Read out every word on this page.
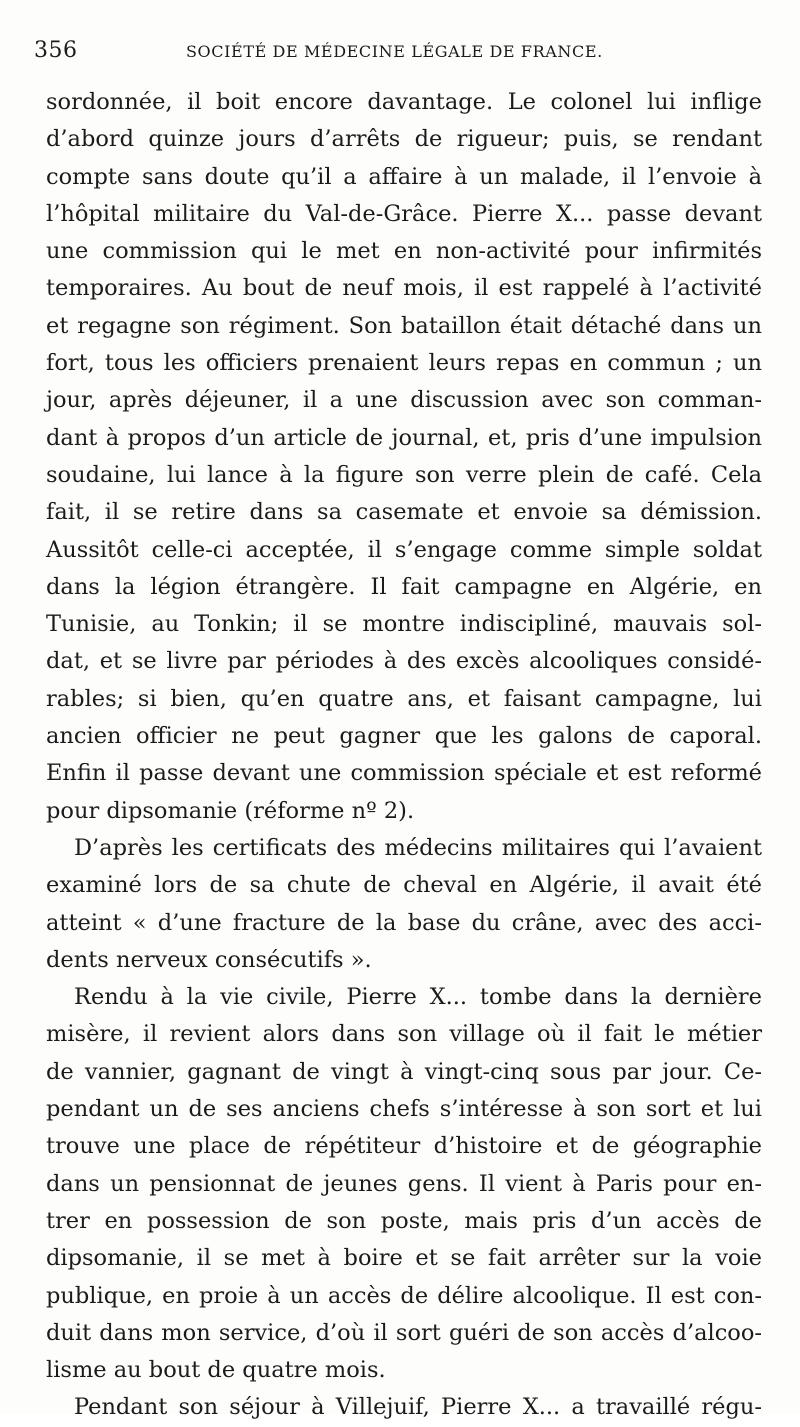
356	SOCIÉTÉ DE MÉDECINE LÉGALE DE FRANCE.
sordonnée, il boit encore davantage. Le colonel lui inflige
d’abord quinze jours d’arrêts de rigueur; puis, se rendant
compte sans doute qu’il a affaire à un malade, il l’envoie à
l’hôpital militaire du Val-de-Grâce. Pierre X... passe devant
une commission qui le met en non-activité pour infirmités
temporaires. Au bout de neuf mois, il est rappelé à l’activité
et regagne son régiment. Son bataillon était détaché dans un
fort, tous les officiers prenaient leurs repas en commun ; un
jour, après déjeuner, il a une discussion avec son comman-
dant à propos d’un article de journal, et, pris d’une impulsion
soudaine, lui lance à la figure son verre plein de café. Cela
fait, il se retire dans sa casemate et envoie sa démission.
Aussitôt celle-ci acceptée, il s’engage comme simple soldat
dans la légion étrangère. Il fait campagne en Algérie, en
Tunisie, au Tonkin; il se montre indiscipliné, mauvais sol-
dat, et se livre par périodes à des excès alcooliques considé-
rables; si bien, qu’en quatre ans, et faisant campagne, lui
ancien officier ne peut gagner que les galons de caporal.
Enfin il passe devant une commission spéciale et est reformé
pour dipsomanie (réforme nº 2).
D’après les certificats des médecins militaires qui l’avaient
examiné lors de sa chute de cheval en Algérie, il avait été
atteint « d’une fracture de la base du crâne, avec des acci-
dents nerveux consécutifs ».
Rendu à la vie civile, Pierre X... tombe dans la dernière
misère, il revient alors dans son village où il fait le métier
de vannier, gagnant de vingt à vingt-cinq sous par jour. Ce-
pendant un de ses anciens chefs s’intéresse à son sort et lui
trouve une place de répétiteur d’histoire et de géographie
dans un pensionnat de jeunes gens. Il vient à Paris pour en-
trer en possession de son poste, mais pris d’un accès de
dipsomanie, il se met à boire et se fait arrêter sur la voie
publique, en proie à un accès de délire alcoolique. Il est con-
duit dans mon service, d’où il sort guéri de son accès d’alcoo-
lisme au bout de quatre mois.
Pendant son séjour à Villejuif, Pierre X... a travaillé régu-
